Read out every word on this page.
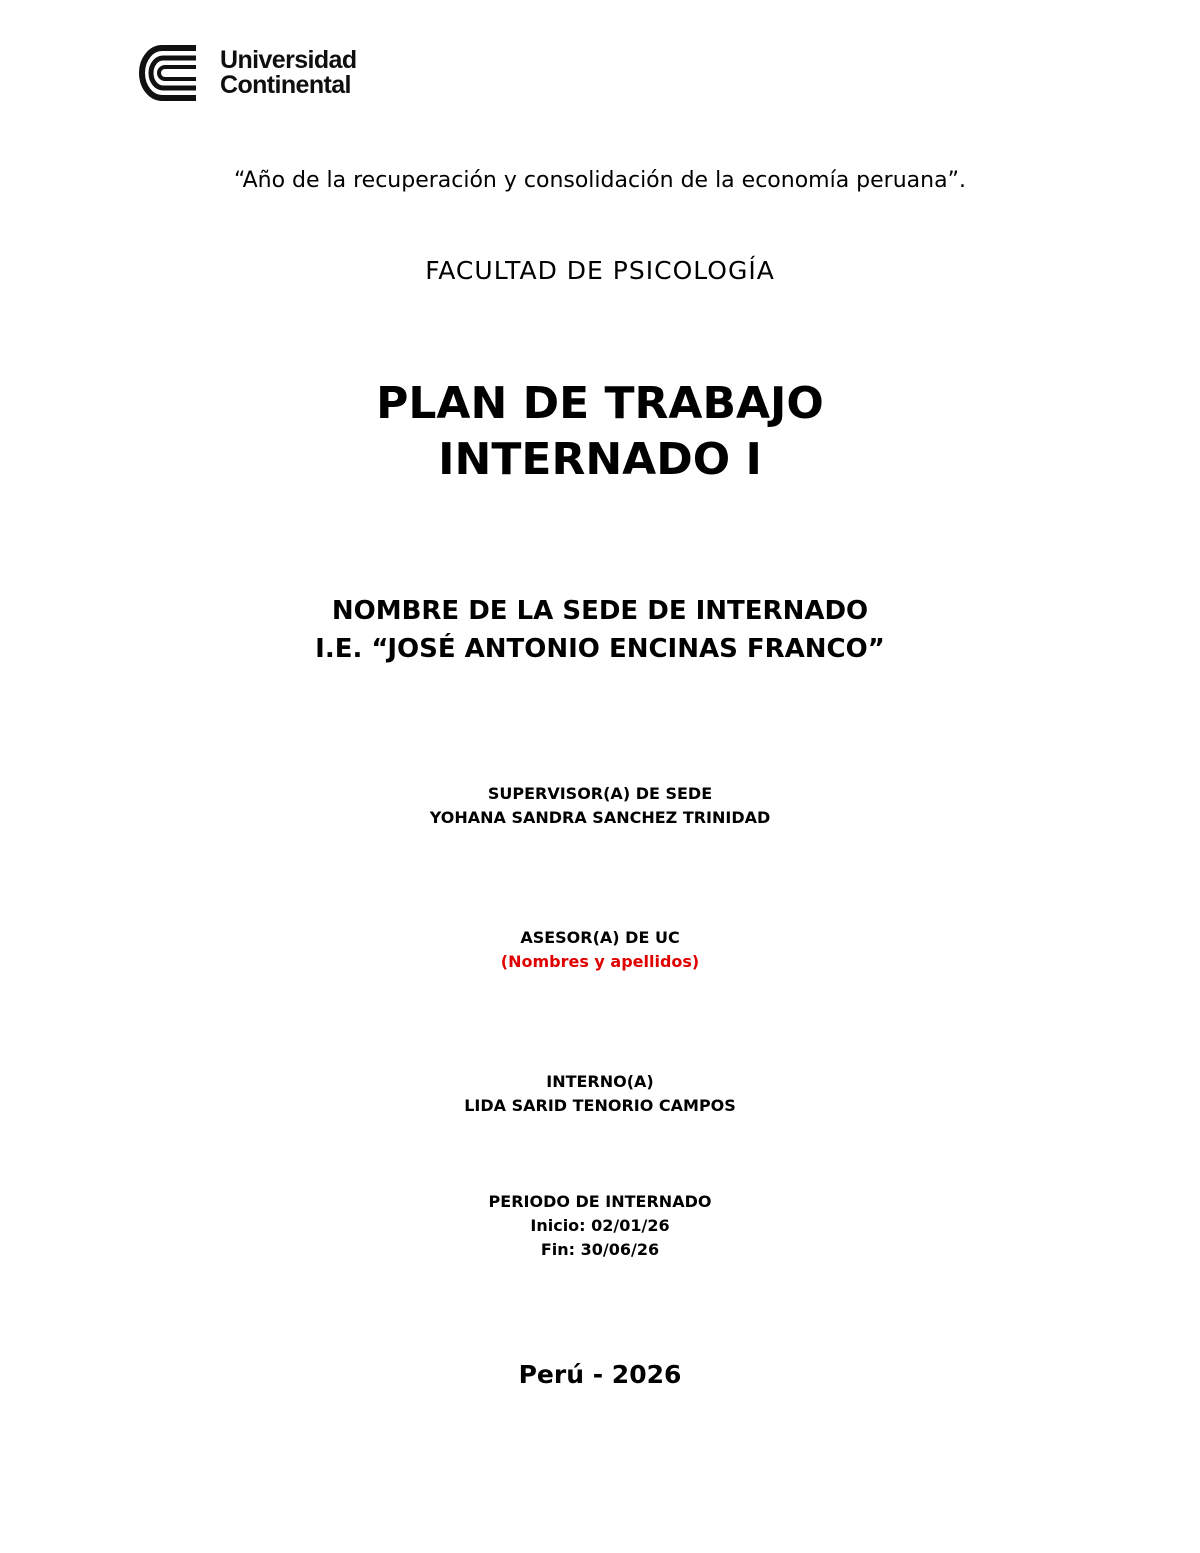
Universidad
Continental
“Año de la recuperación y consolidación de la economía peruana”.
FACULTAD DE PSICOLOGÍA
PLAN DE TRABAJO
INTERNADO I
NOMBRE DE LA SEDE DE INTERNADO
I.E. “JOSÉ ANTONIO ENCINAS FRANCO”
SUPERVISOR(A) DE SEDE
YOHANA SANDRA SANCHEZ TRINIDAD
ASESOR(A) DE UC
(Nombres y apellidos)
INTERNO(A)
LIDA SARID TENORIO CAMPOS
PERIODO DE INTERNADO
Inicio: 02/01/26
Fin: 30/06/26
Perú - 2026
